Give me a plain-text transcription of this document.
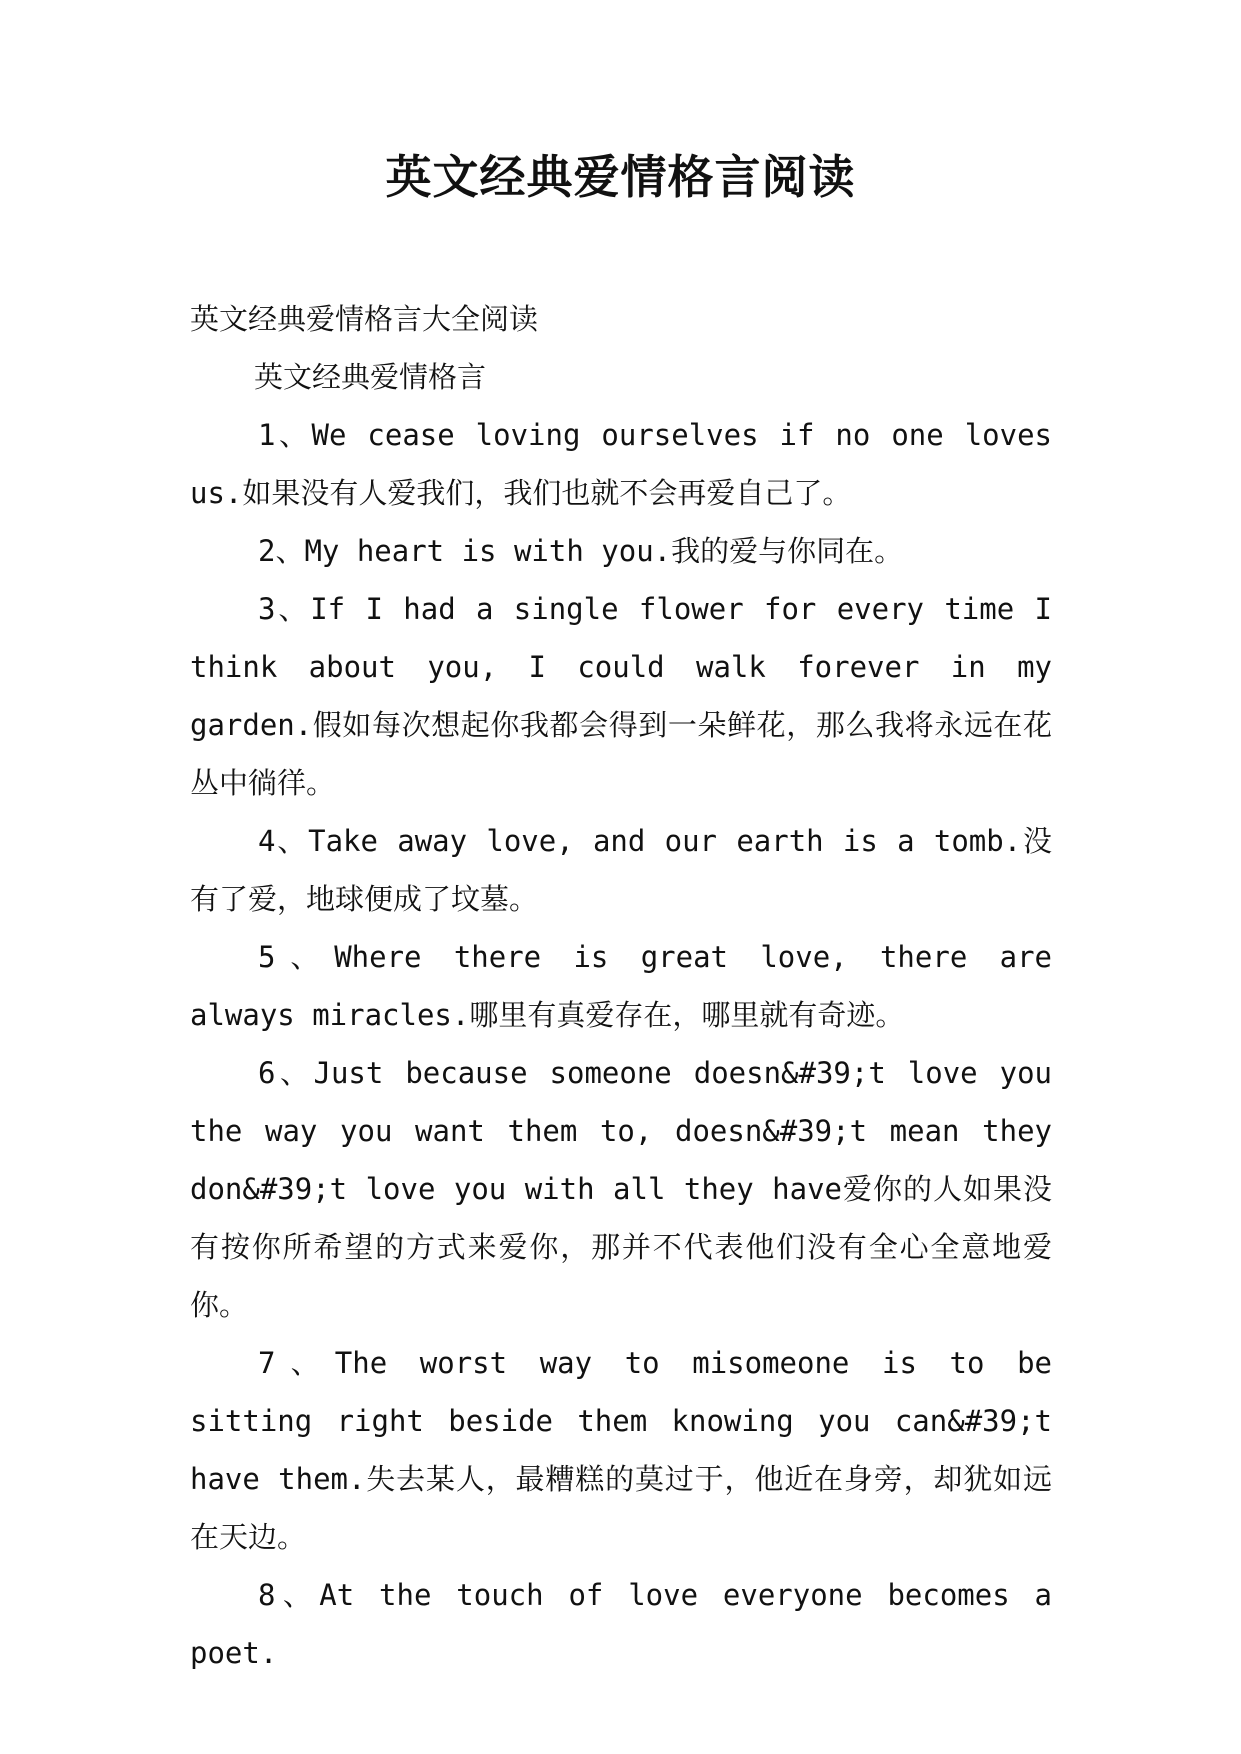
英文经典爱情格言阅读

英文经典爱情格言大全阅读

英文经典爱情格言

1、We cease loving ourselves if no one loves us.如果没有人爱我们，我们也就不会再爱自己了。

2、My heart is with you.我的爱与你同在。

3、If I had a single flower for every time I think about you, I could walk forever in my garden.假如每次想起你我都会得到一朵鲜花，那么我将永远在花丛中徜徉。

4、Take away love, and our earth is a tomb.没有了爱，地球便成了坟墓。

5、Where there is great love, there are always miracles.哪里有真爱存在，哪里就有奇迹。

6、Just because someone doesn&#39;t love you the way you want them to, doesn&#39;t mean they don&#39;t love you with all they have爱你的人如果没有按你所希望的方式来爱你，那并不代表他们没有全心全意地爱你。

7、The worst way to misomeone is to be sitting right beside them knowing you can&#39;t have them.失去某人，最糟糕的莫过于，他近在身旁，却犹如远在天边。

8、At the touch of love everyone becomes a poet.
